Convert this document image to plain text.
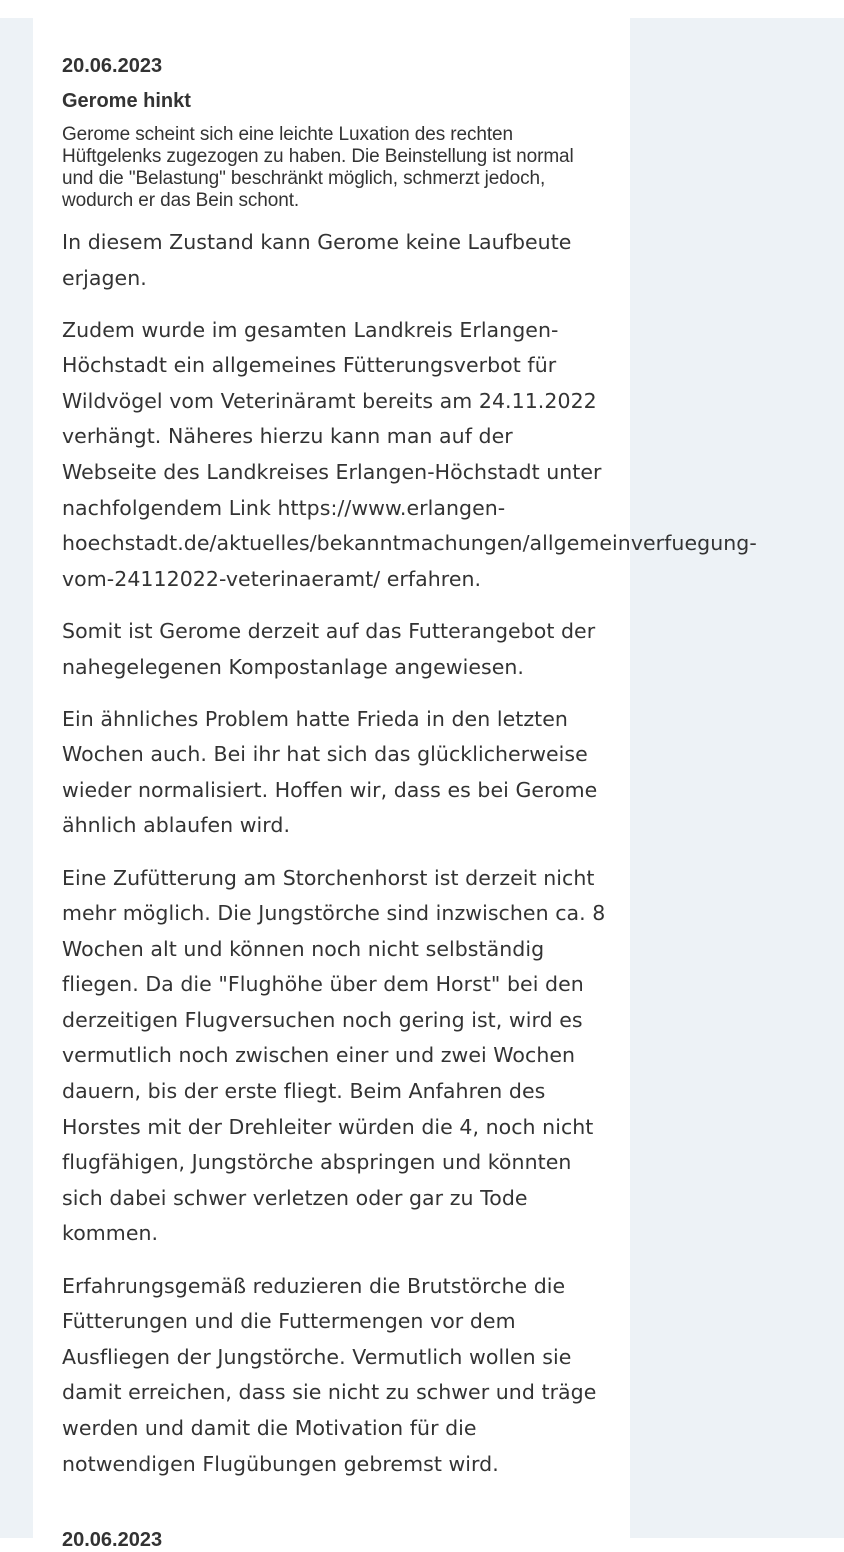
20.06.2023

Gerome hinkt

Gerome scheint sich eine leichte Luxation des rechten Hüftgelenks zugezogen zu haben. Die Beinstellung ist normal und die "Belastung" beschränkt möglich, schmerzt jedoch, wodurch er das Bein schont.

In diesem Zustand kann Gerome keine Laufbeute erjagen.

Zudem wurde im gesamten Landkreis Erlangen-Höchstadt ein allgemeines Fütterungsverbot für Wildvögel vom Veterinäramt bereits am 24.11.2022 verhängt. Näheres hierzu kann man auf der Webseite des Landkreises Erlangen-Höchstadt unter nachfolgendem Link https://www.erlangen-
hoechstadt.de/aktuelles/bekanntmachungen/allgemeinverfuegung-
vom-24112022-veterinaeramt/ erfahren.

Somit ist Gerome derzeit auf das Futterangebot der nahegelegenen Kompostanlage angewiesen.

Ein ähnliches Problem hatte Frieda in den letzten Wochen auch. Bei ihr hat sich das glücklicherweise wieder normalisiert. Hoffen wir, dass es bei Gerome ähnlich ablaufen wird.

Eine Zufütterung am Storchenhorst ist derzeit nicht mehr möglich. Die Jungstörche sind inzwischen ca. 8 Wochen alt und können noch nicht selbständig fliegen. Da die "Flughöhe über dem Horst" bei den derzeitigen Flugversuchen noch gering ist, wird es vermutlich noch zwischen einer und zwei Wochen dauern, bis der erste fliegt. Beim Anfahren des Horstes mit der Drehleiter würden die 4, noch nicht flugfähigen, Jungstörche abspringen und könnten sich dabei schwer verletzen oder gar zu Tode kommen.

Erfahrungsgemäß reduzieren die Brutstörche die Fütterungen und die Futtermengen vor dem Ausfliegen der Jungstörche. Vermutlich wollen sie damit erreichen, dass sie nicht zu schwer und träge werden und damit die Motivation für die notwendigen Flugübungen gebremst wird.

20.06.2023
